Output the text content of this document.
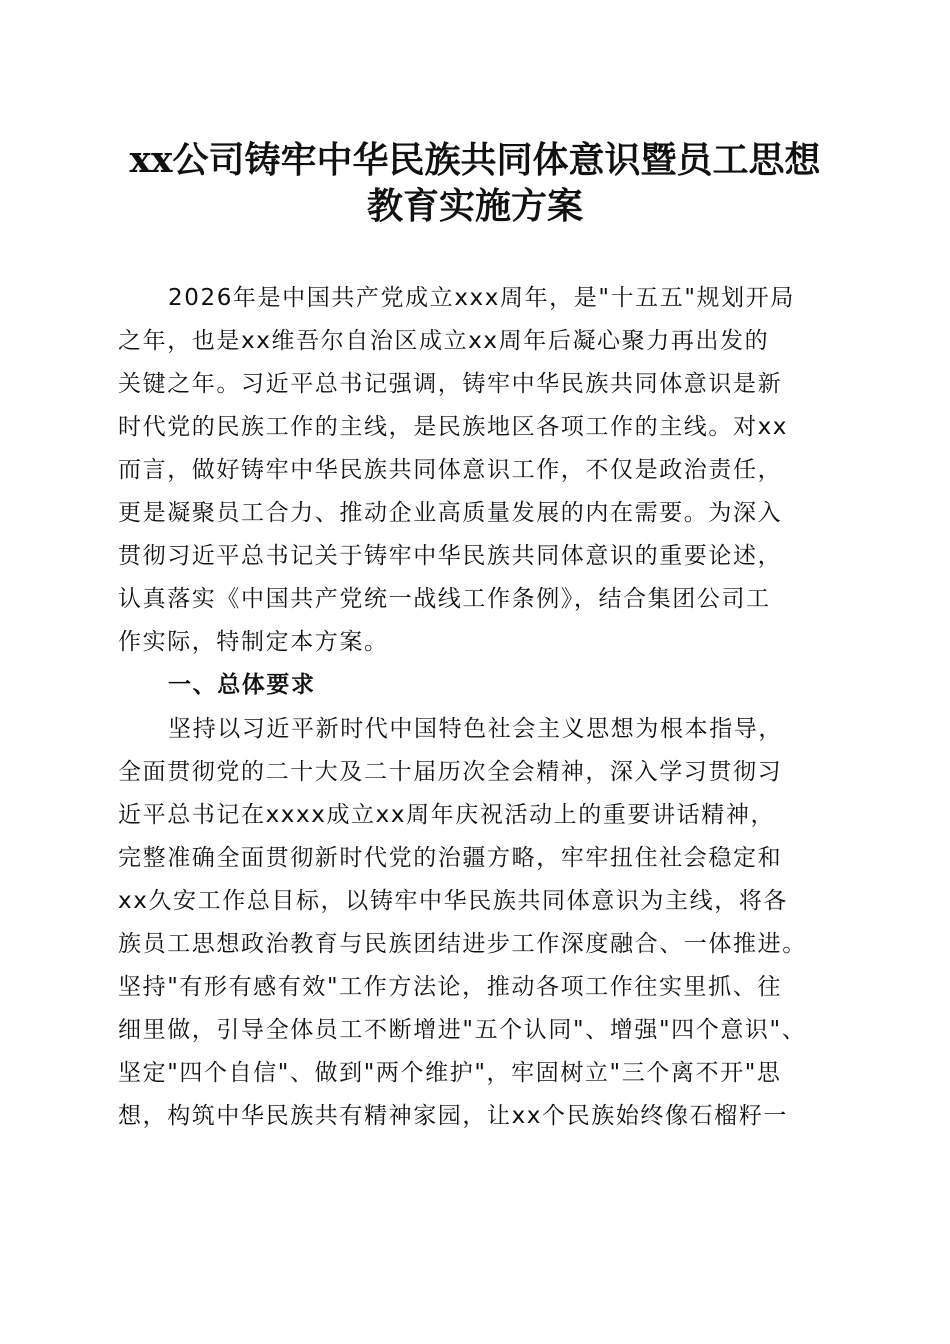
xx公司铸牢中华民族共同体意识暨员工思想
教育实施方案
2026年是中国共产党成立xxx周年，是"十五五"规划开局
之年，也是xx维吾尔自治区成立xx周年后凝心聚力再出发的
关键之年。习近平总书记强调，铸牢中华民族共同体意识是新
时代党的民族工作的主线，是民族地区各项工作的主线。对xx
而言，做好铸牢中华民族共同体意识工作，不仅是政治责任，
更是凝聚员工合力、推动企业高质量发展的内在需要。为深入
贯彻习近平总书记关于铸牢中华民族共同体意识的重要论述，
认真落实《中国共产党统一战线工作条例》，结合集团公司工
作实际，特制定本方案。
一、总体要求
坚持以习近平新时代中国特色社会主义思想为根本指导，
全面贯彻党的二十大及二十届历次全会精神，深入学习贯彻习
近平总书记在xxxx成立xx周年庆祝活动上的重要讲话精神，
完整准确全面贯彻新时代党的治疆方略，牢牢扭住社会稳定和
xx久安工作总目标，以铸牢中华民族共同体意识为主线，将各
族员工思想政治教育与民族团结进步工作深度融合、一体推进。
坚持"有形有感有效"工作方法论，推动各项工作往实里抓、往
细里做，引导全体员工不断增进"五个认同"、增强"四个意识"、
坚定"四个自信"、做到"两个维护"，牢固树立"三个离不开"思
想，构筑中华民族共有精神家园，让xx个民族始终像石榴籽一
